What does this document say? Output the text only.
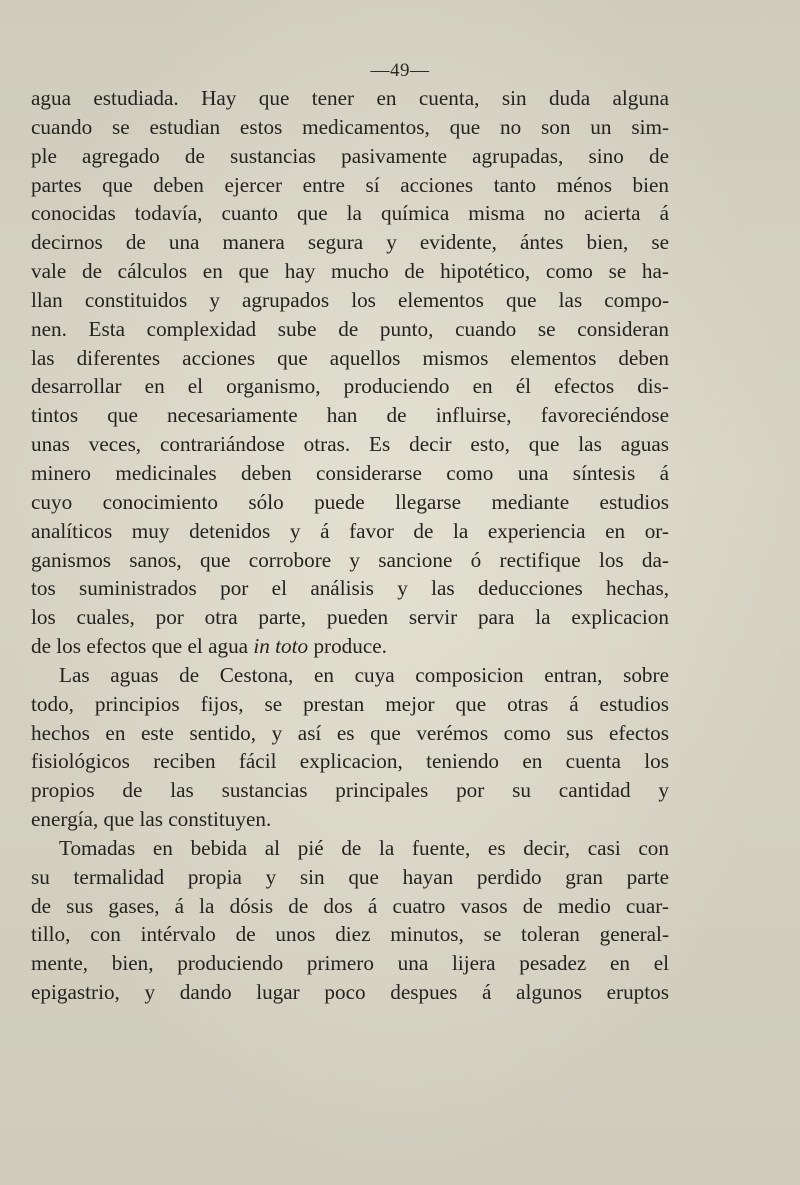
—49—
agua estudiada. Hay que tener en cuenta, sin duda alguna
cuando se estudian estos medicamentos, que no son un sim-
ple agregado de sustancias pasivamente agrupadas, sino de
partes que deben ejercer entre sí acciones tanto ménos bien
conocidas todavía, cuanto que la química misma no acierta á
decirnos de una manera segura y evidente, ántes bien, se
vale de cálculos en que hay mucho de hipotético, como se ha-
llan constituidos y agrupados los elementos que las compo-
nen. Esta complexidad sube de punto, cuando se consideran
las diferentes acciones que aquellos mismos elementos deben
desarrollar en el organismo, produciendo en él efectos dis-
tintos que necesariamente han de influirse, favoreciéndose
unas veces, contrariándose otras. Es decir esto, que las aguas
minero medicinales deben considerarse como una síntesis á
cuyo conocimiento sólo puede llegarse mediante estudios
analíticos muy detenidos y á favor de la experiencia en or-
ganismos sanos, que corrobore y sancione ó rectifique los da-
tos suministrados por el análisis y las deducciones hechas,
los cuales, por otra parte, pueden servir para la explicacion
de los efectos que el agua in toto produce.
Las aguas de Cestona, en cuya composicion entran, sobre
todo, principios fijos, se prestan mejor que otras á estudios
hechos en este sentido, y así es que verémos como sus efectos
fisiológicos reciben fácil explicacion, teniendo en cuenta los
propios de las sustancias principales por su cantidad y
energía, que las constituyen.
Tomadas en bebida al pié de la fuente, es decir, casi con
su termalidad propia y sin que hayan perdido gran parte
de sus gases, á la dósis de dos á cuatro vasos de medio cuar-
tillo, con intérvalo de unos diez minutos, se toleran general-
mente, bien, produciendo primero una lijera pesadez en el
epigastrio, y dando lugar poco despues á algunos eruptos
